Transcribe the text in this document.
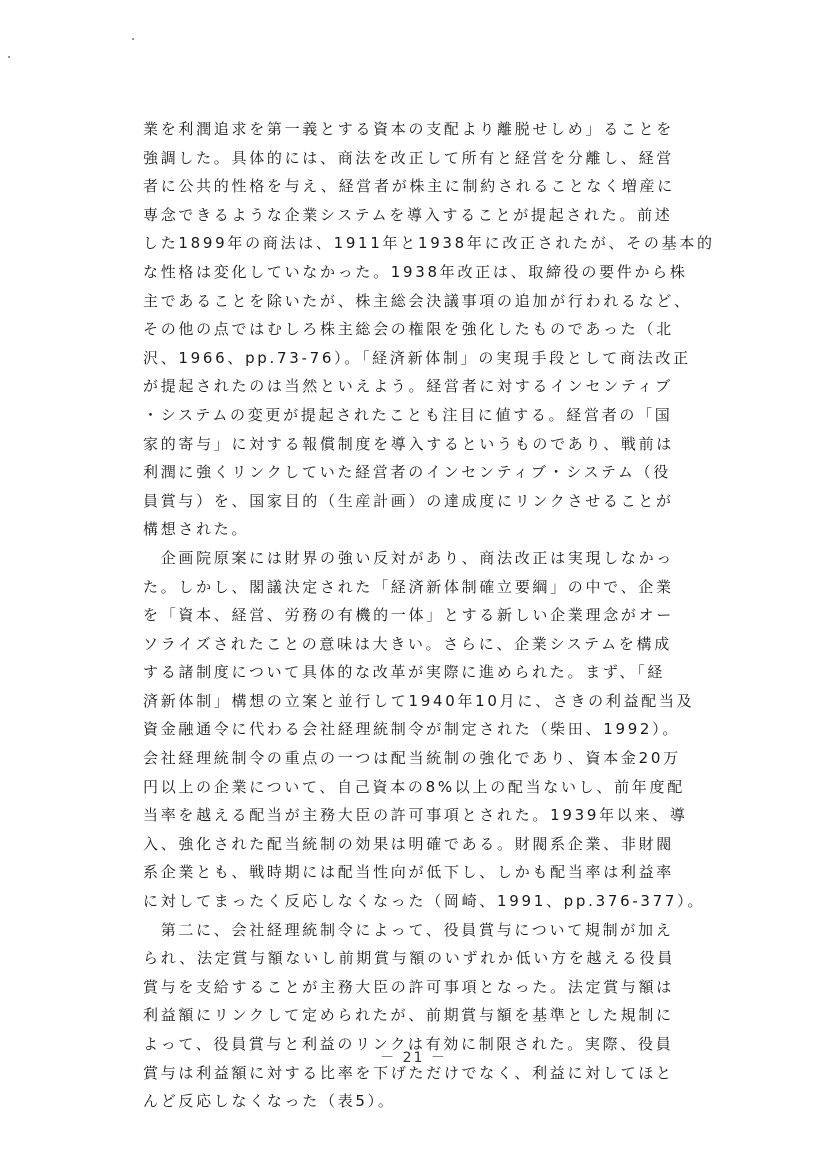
業を利潤追求を第一義とする資本の支配より離脱せしめ」ることを
強調した。具体的には、商法を改正して所有と経営を分離し、経営
者に公共的性格を与え、経営者が株主に制約されることなく増産に
専念できるような企業システムを導入することが提起された。前述
した1899年の商法は、1911年と1938年に改正されたが、その基本的
な性格は変化していなかった。1938年改正は、取締役の要件から株
主であることを除いたが、株主総会決議事項の追加が行われるなど、
その他の点ではむしろ株主総会の権限を強化したものであった（北
沢、1966、pp.73-76）。「経済新体制」の実現手段として商法改正
が提起されたのは当然といえよう。経営者に対するインセンティブ
・システムの変更が提起されたことも注目に値する。経営者の「国
家的寄与」に対する報償制度を導入するというものであり、戦前は
利潤に強くリンクしていた経営者のインセンティブ・システム（役
員賞与）を、国家目的（生産計画）の達成度にリンクさせることが
構想された。
　企画院原案には財界の強い反対があり、商法改正は実現しなかっ
た。しかし、閣議決定された「経済新体制確立要綱」の中で、企業
を「資本、経営、労務の有機的一体」とする新しい企業理念がオー
ソライズされたことの意味は大きい。さらに、企業システムを構成
する諸制度について具体的な改革が実際に進められた。まず、「経
済新体制」構想の立案と並行して1940年10月に、さきの利益配当及
資金融通令に代わる会社経理統制令が制定された（柴田、1992）。
会社経理統制令の重点の一つは配当統制の強化であり、資本金20万
円以上の企業について、自己資本の8%以上の配当ないし、前年度配
当率を越える配当が主務大臣の許可事項とされた。1939年以来、導
入、強化された配当統制の効果は明確である。財閥系企業、非財閥
系企業とも、戦時期には配当性向が低下し、しかも配当率は利益率
に対してまったく反応しなくなった（岡崎、1991、pp.376-377）。
　第二に、会社経理統制令によって、役員賞与について規制が加え
られ、法定賞与額ないし前期賞与額のいずれか低い方を越える役員
賞与を支給することが主務大臣の許可事項となった。法定賞与額は
利益額にリンクして定められたが、前期賞与額を基準とした規制に
よって、役員賞与と利益のリンクは有効に制限された。実際、役員
賞与は利益額に対する比率を下げただけでなく、利益に対してほと
んど反応しなくなった（表5）。
－ 21 －
